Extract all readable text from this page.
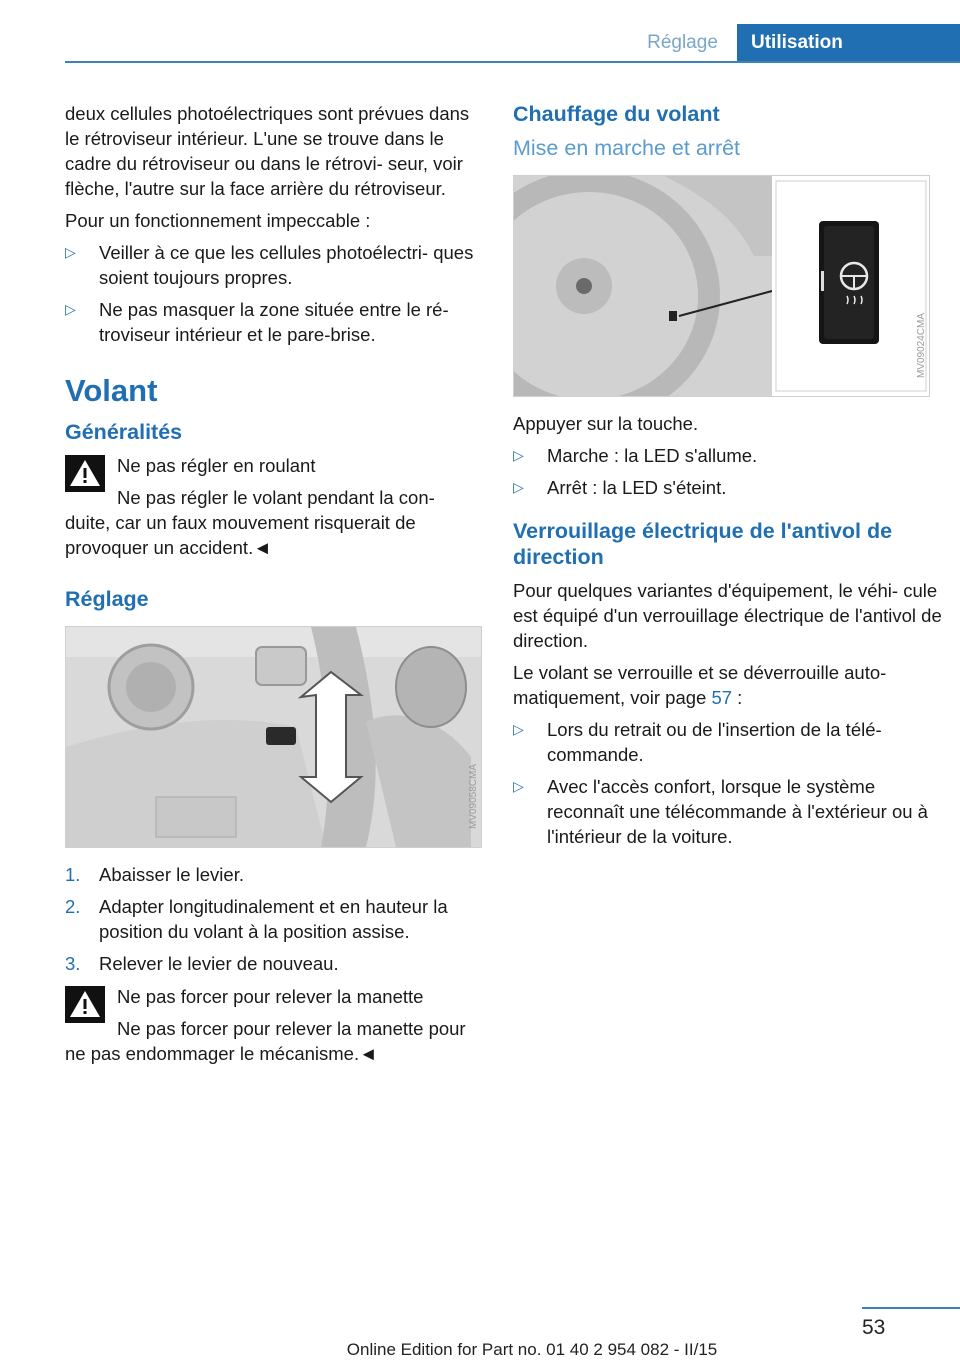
Réglage	Utilisation

deux cellules photoélectriques sont prévues dans le rétroviseur intérieur. L'une se trouve dans le cadre du rétroviseur ou dans le rétrovi‐ seur, voir flèche, l'autre sur la face arrière du rétroviseur.

Pour un fonctionnement impeccable :

▷ Veiller à ce que les cellules photoélectri‐ ques soient toujours propres.
▷ Ne pas masquer la zone située entre le ré‐ troviseur intérieur et le pare-brise.
Volant
Généralités

Ne pas régler en roulant

Ne pas régler le volant pendant la con‐ duite, car un faux mouvement risquerait de provoquer un accident.◄

Réglage
MV09058CMA
1. Abaisser le levier.
2. Adapter longitudinalement et en hauteur la position du volant à la position assise.
3. Relever le levier de nouveau.

Ne pas forcer pour relever la manette

Ne pas forcer pour relever la manette pour ne pas endommager le mécanisme.◄

Chauffage du volant
Mise en marche et arrêt
MV09024CMA

Appuyer sur la touche.

▷ Marche : la LED s'allume.
▷ Arrêt : la LED s'éteint.
Verrouillage électrique de l'antivol de direction

Pour quelques variantes d'équipement, le véhi‐ cule est équipé d'un verrouillage électrique de l'antivol de direction.

Le volant se verrouille et se déverrouille auto‐ matiquement, voir page 57 :

▷ Lors du retrait ou de l'insertion de la télé‐ commande.
▷ Avec l'accès confort, lorsque le système reconnaît une télécommande à l'extérieur ou à l'intérieur de la voiture.
53
Online Edition for Part no. 01 40 2 954 082 - II/15
